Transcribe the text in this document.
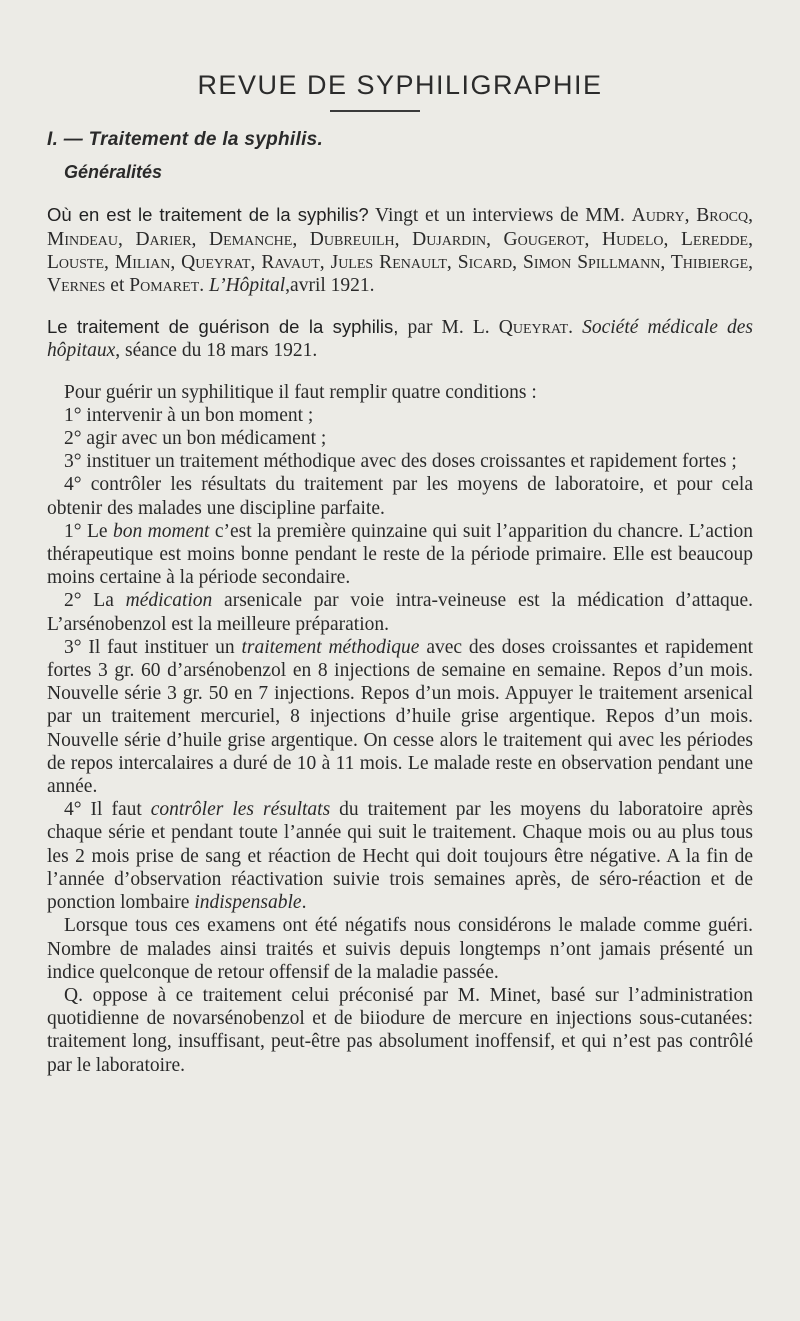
REVUE DE SYPHILIGRAPHIE
I. — Traitement de la syphilis.
Généralités
Où en est le traitement de la syphilis? Vingt et un interviews de MM. Audry, Brocq, Mindeau, Darier, Demanche, Dubreuilh, Dujardin, Gougerot, Hudelo, Leredde, Louste, Milian, Queyrat, Ravaut, Jules Renault, Sicard, Simon Spillmann, Thibierge, Vernes et Pomaret. L’Hôpital,avril 1921.
Le traitement de guérison de la syphilis, par M. L. Queyrat. Société médicale des hôpitaux, séance du 18 mars 1921.

Pour guérir un syphilitique il faut remplir quatre conditions :

1° intervenir à un bon moment ;

2° agir avec un bon médicament ;

3° instituer un traitement méthodique avec des doses croissantes et rapidement fortes ;

4° contrôler les résultats du traitement par les moyens de laboratoire, et pour cela obtenir des malades une discipline parfaite.

1° Le bon moment c’est la première quinzaine qui suit l’apparition du chancre. L’action thérapeutique est moins bonne pendant le reste de la période primaire. Elle est beaucoup moins certaine à la période secondaire.

2° La médication arsenicale par voie intra-veineuse est la médication d’attaque. L’arsénobenzol est la meilleure préparation.

3° Il faut instituer un traitement méthodique avec des doses croissantes et rapidement fortes 3 gr. 60 d’arsénobenzol en 8 injections de semaine en semaine. Repos d’un mois. Nouvelle série 3 gr. 50 en 7 injections. Repos d’un mois. Appuyer le traitement arsenical par un traitement mercuriel, 8 injections d’huile grise argentique. Repos d’un mois. Nouvelle série d’huile grise argentique. On cesse alors le traitement qui avec les périodes de repos intercalaires a duré de 10 à 11 mois. Le malade reste en observation pendant une année.

4° Il faut contrôler les résultats du traitement par les moyens du laboratoire après chaque série et pendant toute l’année qui suit le traitement. Chaque mois ou au plus tous les 2 mois prise de sang et réaction de Hecht qui doit toujours être négative. A la fin de l’année d’observation réactivation suivie trois semaines après, de séro-réaction et de ponction lombaire indispensable.

Lorsque tous ces examens ont été négatifs nous considérons le malade comme guéri. Nombre de malades ainsi traités et suivis depuis longtemps n’ont jamais présenté un indice quelconque de retour offensif de la maladie passée.

Q. oppose à ce traitement celui préconisé par M. Minet, basé sur l’administration quotidienne de novarsénobenzol et de biiodure de mercure en injections sous-cutanées: traitement long, insuffisant, peut-être pas absolument inoffensif, et qui n’est pas contrôlé par le laboratoire.
